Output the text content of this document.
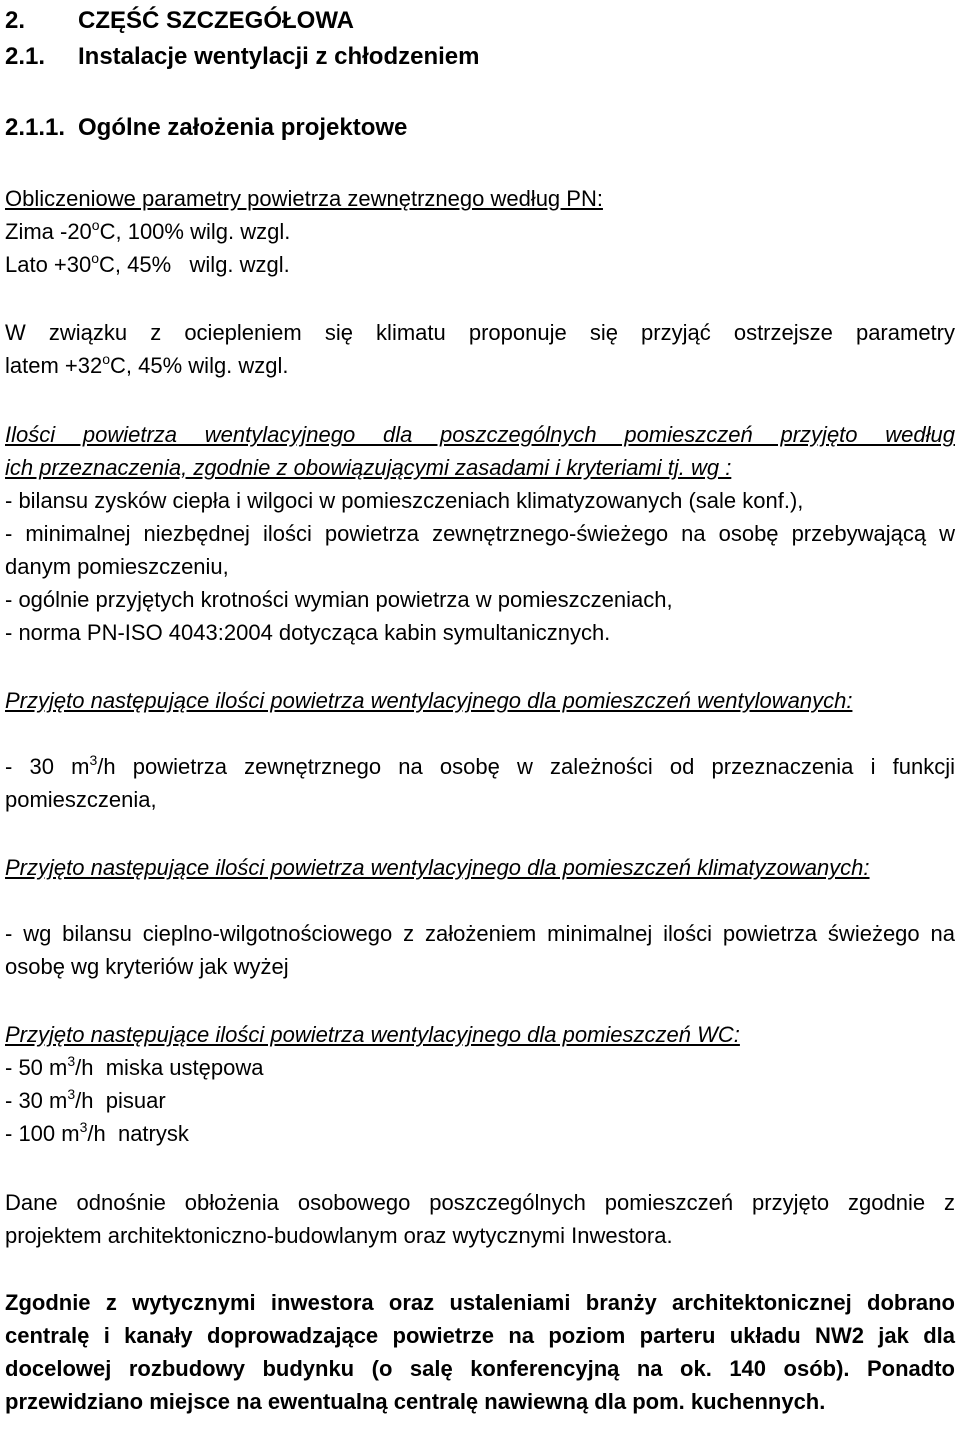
2. CZĘŚĆ SZCZEGÓŁOWA
2.1. Instalacje wentylacji z chłodzeniem
2.1.1. Ogólne założenia projektowe
Obliczeniowe parametry powietrza zewnętrznego według PN:
Zima -20$^o$C, 100% wilg. wzgl.
Lato $+30^oC$, 45%   wilg. wzgl.
W związku z ociepleniem się klimatu proponuje się przyjąć ostrzejsze parametry
latem $+32^oC$, 45% wilg. wzgl.
Ilości powietrza wentylacyjnego dla poszczególnych pomieszczeń przyjęto według
ich przeznaczenia, zgodnie z obowiązującymi zasadami i kryteriami tj. wg :
- bilansu zysków ciepła i wilgoci w pomieszczeniach klimatyzowanych (sale konf.),
- minimalnej niezbędnej ilości powietrza zewnętrznego-świeżego na osobę przebywającą w danym pomieszczeniu,
- ogólnie przyjętych krotności wymian powietrza w pomieszczeniach,
- norma PN-ISO 4043:2004 dotycząca kabin symultanicznych.
Przyjęto następujące ilości powietrza wentylacyjnego dla pomieszczeń wentylowanych:
- 30 $m^3/h$ powietrza zewnętrznego na osobę w zależności od przeznaczenia i funkcji pomieszczenia,
Przyjęto następujące ilości powietrza wentylacyjnego dla pomieszczeń klimatyzowanych:
- wg bilansu cieplno-wilgotnościowego z założeniem minimalnej ilości powietrza świeżego na osobę wg kryteriów jak wyżej
Przyjęto następujące ilości powietrza wentylacyjnego dla pomieszczeń WC:
- 50 $m^3/h$  miska ustępowa
- 30 $m^3/h$  pisuar
- 100 $m^3/h$  natrysk
Dane odnośnie obłożenia osobowego poszczególnych pomieszczeń przyjęto zgodnie z projektem architektoniczno-budowlanym oraz wytycznymi Inwestora.
Zgodnie z wytycznymi inwestora oraz ustaleniami branży architektonicznej dobrano centralę i kanały doprowadzające powietrze na poziom parteru układu NW2 jak dla docelowej rozbudowy budynku (o salę konferencyjną na ok. 140 osób). Ponadto przewidziano miejsce na ewentualną centralę nawiewną dla pom. kuchennych.
